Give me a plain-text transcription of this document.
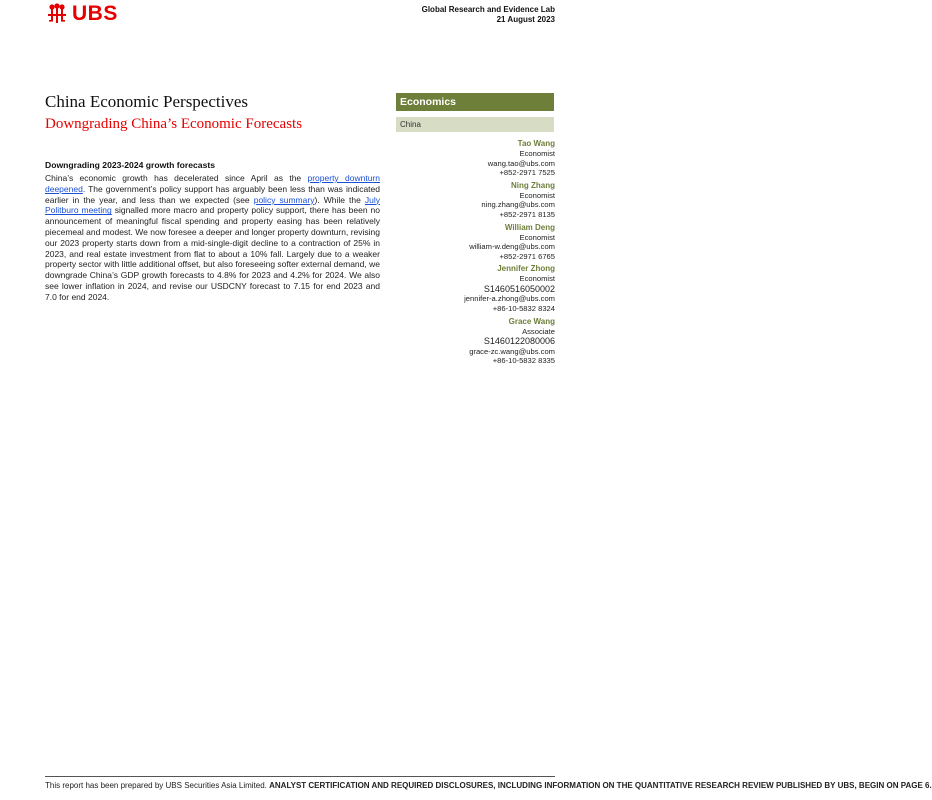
UBS	Global Research and Evidence Lab
21 August 2023
China Economic Perspectives
Downgrading China’s Economic Forecasts
Economics
China
Tao Wang
Economist
wang.tao@ubs.com
+852-2971 7525
Ning Zhang
Economist
ning.zhang@ubs.com
+852-2971 8135
William Deng
Economist
william-w.deng@ubs.com
+852-2971 6765
Jennifer Zhong
Economist
S1460516050002
jennifer-a.zhong@ubs.com
+86-10-5832 8324
Grace Wang
Associate
S1460122080006
grace-zc.wang@ubs.com
+86-10-5832 8335

Downgrading 2023-2024 growth forecasts

China’s economic growth has decelerated since April as the property downturn deepened. The government’s policy support has arguably been less than was indicated earlier in the year, and less than we expected (see policy summary). While the July Politburo meeting signalled more macro and property policy support, there has been no announcement of meaningful fiscal spending and property easing has been relatively piecemeal and modest. We now foresee a deeper and longer property downturn, revising our 2023 property starts down from a mid-single-digit decline to a contraction of 25% in 2023, and real estate investment from flat to about a 10% fall. Largely due to a weaker property sector with little additional offset, but also foreseeing softer external demand, we downgrade China’s GDP growth forecasts to 4.8% for 2023 and 4.2% for 2024. We also see lower inflation in 2024, and revise our USDCNY forecast to 7.15 for end 2023 and 7.0 for end 2024.

This report has been prepared by UBS Securities Asia Limited. ANALYST CERTIFICATION AND REQUIRED DISCLOSURES, INCLUDING INFORMATION ON THE QUANTITATIVE RESEARCH REVIEW PUBLISHED BY UBS, BEGIN ON PAGE 6.
